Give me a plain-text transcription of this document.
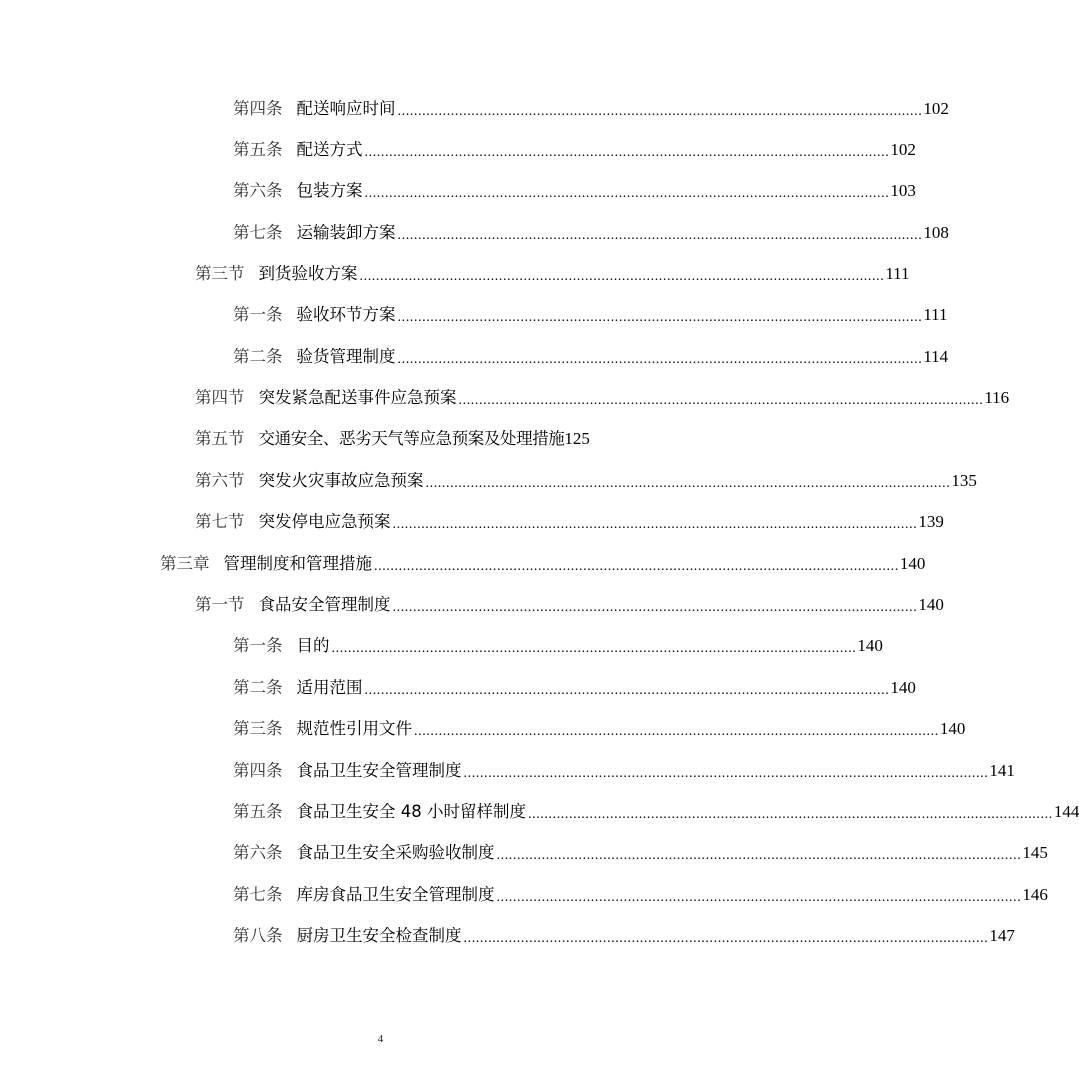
第四条 配送响应时间 ................................................................................................................................ 102
第五条 配送方式 ................................................................................................................................ 102
第六条 包装方案 ................................................................................................................................ 103
第七条 运输装卸方案 ................................................................................................................................ 108
第三节 到货验收方案 ................................................................................................................................ 111
第一条 验收环节方案 ................................................................................................................................ 111
第二条 验货管理制度 ................................................................................................................................ 114
第四节 突发紧急配送事件应急预案 ................................................................................................................................ 116
第五节 交通安全、恶劣天气等应急预案及处理措施 125
第六节 突发火灾事故应急预案 ................................................................................................................................ 135
第七节 突发停电应急预案 ................................................................................................................................ 139
第三章 管理制度和管理措施 ................................................................................................................................ 140
第一节 食品安全管理制度 ................................................................................................................................ 140
第一条 目的 ................................................................................................................................ 140
第二条 适用范围 ................................................................................................................................ 140
第三条 规范性引用文件 ................................................................................................................................ 140
第四条 食品卫生安全管理制度 ................................................................................................................................ 141
第五条 食品卫生安全 48 小时留样制度 ................................................................................................................................ 144
第六条 食品卫生安全采购验收制度 ................................................................................................................................ 145
第七条 库房食品卫生安全管理制度 ................................................................................................................................ 146
第八条 厨房卫生安全检查制度 ................................................................................................................................ 147
4
